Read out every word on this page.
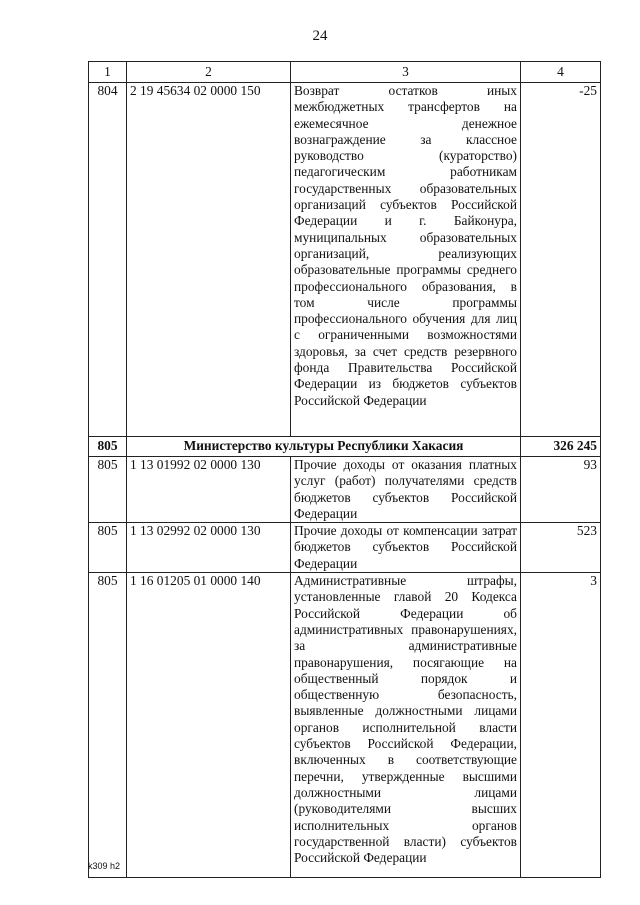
24
1	2	3	4
804	2 19 45634 02 0000 150	Возврат остатков иных межбюджетных трансфертов на ежемесячное денежное вознаграждение за классное руководство (кураторство) педагогическим работникам государственных образовательных организаций субъектов Российской Федерации и г. Байконура, муниципальных образовательных организаций, реализующих образовательные программы среднего профессионального образования, в том числе программы профессионального обучения для лиц с ограниченными возможностями здоровья, за счет средств резервного фонда Правительства Российской Федерации из бюджетов субъектов Российской Федерации	-25
805	Министерство культуры Республики Хакасия		326 245
805	1 13 01992 02 0000 130	Прочие доходы от оказания платных услуг (работ) получателями средств бюджетов субъектов Российской Федерации	93
805	1 13 02992 02 0000 130	Прочие доходы от компенсации затрат бюджетов субъектов Российской Федерации	523
805	1 16 01205 01 0000 140	Административные штрафы, установленные главой 20 Кодекса Российской Федерации об административных правонарушениях, за административные правонарушения, посягающие на общественный порядок и общественную безопасность, выявленные должностными лицами органов исполнительной власти субъектов Российской Федерации, включенных в соответствующие перечни, утвержденные высшими должностными лицами (руководителями высших исполнительных органов государственной власти) субъектов Российской Федерации	3
k309 h2
